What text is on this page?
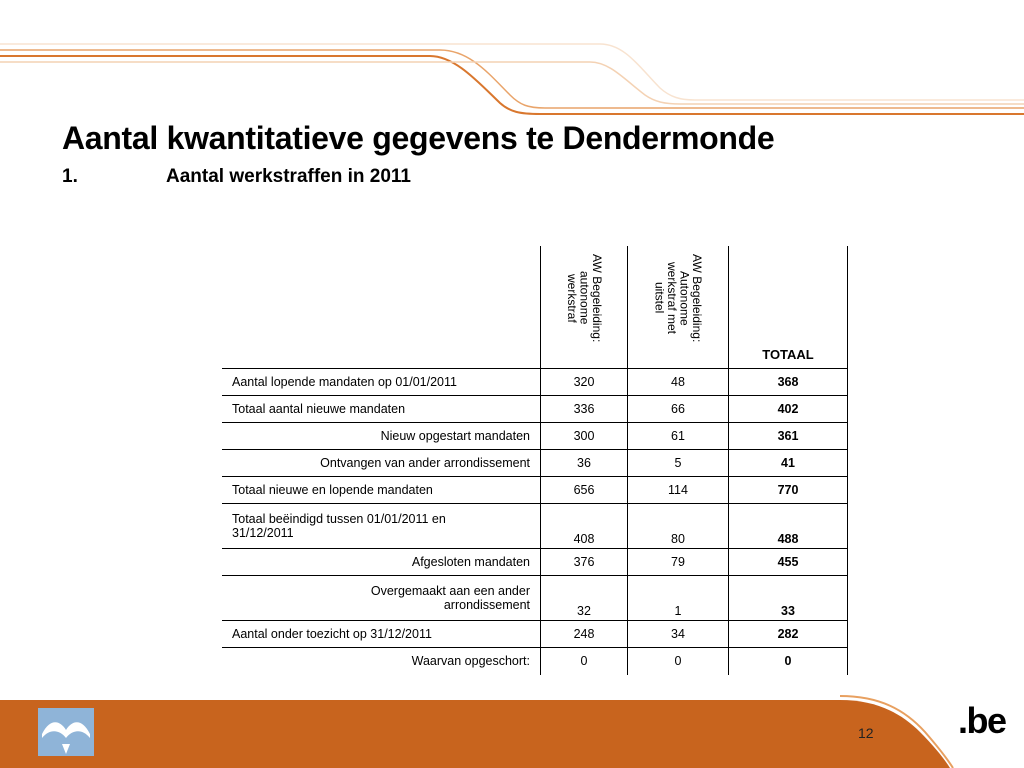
Aantal kwantitatieve gegevens te Dendermonde
1.	Aantal werkstraffen in 2011

	AW Begeleiding:
autonome
werkstraf	AW Begeleiding:
Autonome
werkstraf met
uitstel	TOTAAL
Aantal lopende mandaten op 01/01/2011	320	48	368
Totaal aantal nieuwe mandaten	336	66	402
Nieuw opgestart mandaten	300	61	361
Ontvangen van ander arrondissement	36	5	41
Totaal nieuwe en lopende mandaten	656	114	770

Totaal beëindigd tussen 01/01/2011 en
31/12/2011	408	80	488
Afgesloten mandaten	376	79	455

Overgemaakt aan een ander
arrondissement	32	1	33
Aantal onder toezicht op 31/12/2011	248	34	282
Waarvan opgeschort:	0	0	0
12 .be
